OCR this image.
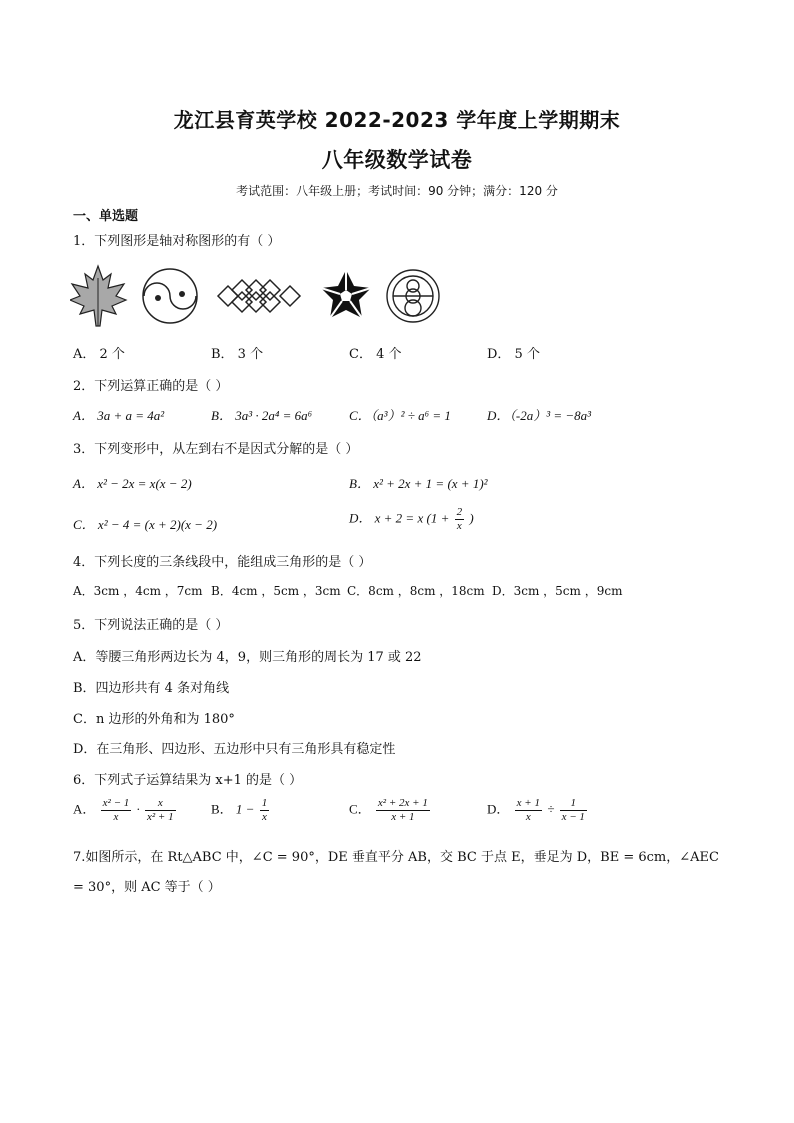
龙江县育英学校 2022-2023 学年度上学期期末
八年级数学试卷
考试范围：八年级上册；考试时间：90 分钟；满分：120 分
一、单选题
1．下列图形是轴对称图形的有（ ）
A． 2 个	B． 3 个	C． 4 个	D． 5 个
2．下列运算正确的是（ ）
A． 3a + a = 4a²	B． 3a³ · 2a⁴ = 6a⁶	C．（a³）² ÷ a⁶ = 1	D．（-2a）³ = −8a³
3．下列变形中，从左到右不是因式分解的是（ ）
A． x² − 2x = x(x − 2)	B． x² + 2x + 1 = (x + 1)²
C． x² − 4 = (x + 2)(x − 2)	D． x + 2 = x ($1 + \frac{2}{x}$ )
4．下列长度的三条线段中，能组成三角形的是（ ）
A．3cm ，4cm ，7cm B．4cm ，5cm ，3cm C．8cm ，8cm ，18cm D．3cm ，5cm ，9cm
5．下列说法正确的是（ ）
A．等腰三角形两边长为 4，9，则三角形的周长为 17 或 22
B．四边形共有 4 条对角线
C．n 边形的外角和为 180°
D．在三角形、四边形、五边形中只有三角形具有稳定性
6．下列式子运算结果为 x+1 的是（ ）
A． $\frac{\text{x² − 1}}{x} \cdot \frac{x}{\text{x² + 1}}$	B． $1 - \frac{1}{x}$	C． $\frac{\text{x² + 2x + 1}}{x + 1}$	D． $\frac{x + 1}{x} \div \frac{1}{x - 1}$
7.如图所示，在 Rt△ABC 中，∠C = 90°，DE 垂直平分 AB，交 BC 于点 E，垂足为 D，BE = 6cm，∠AEC = 30°，则 AC 等于（ ）
